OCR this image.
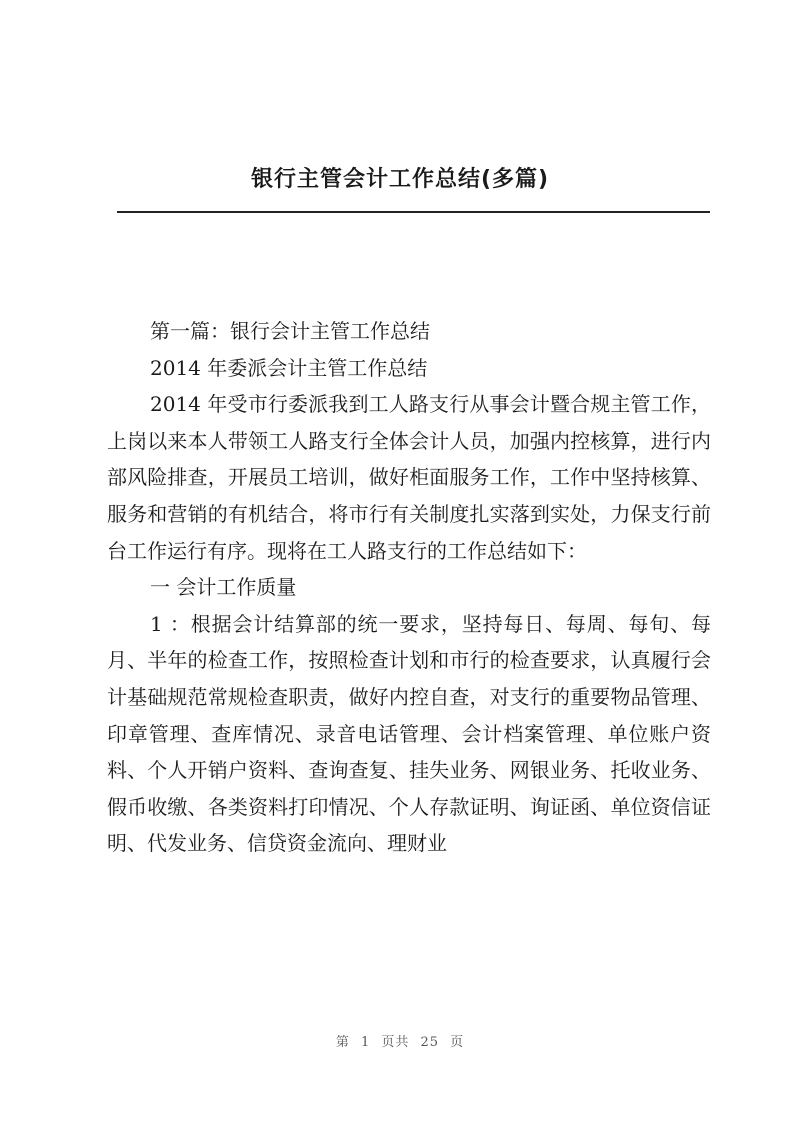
银行主管会计工作总结(多篇)

第一篇：银行会计主管工作总结

2014 年委派会计主管工作总结

2014 年受市行委派我到工人路支行从事会计暨合规主管工作，上岗以来本人带领工人路支行全体会计人员，加强内控核算，进行内部风险排查，开展员工培训，做好柜面服务工作，工作中坚持核算、服务和营销的有机结合，将市行有关制度扎实落到实处，力保支行前台工作运行有序。现将在工人路支行的工作总结如下：

一 会计工作质量

1 ：根据会计结算部的统一要求，坚持每日、每周、每旬、每月、半年的检查工作，按照检查计划和市行的检查要求，认真履行会计基础规范常规检查职责，做好内控自查，对支行的重要物品管理、印章管理、查库情况、录音电话管理、会计档案管理、单位账户资料、个人开销户资料、查询查复、挂失业务、网银业务、托收业务、假币收缴、各类资料打印情况、个人存款证明、询证函、单位资信证明、代发业务、信贷资金流向、理财业

第 1 页共 25 页
